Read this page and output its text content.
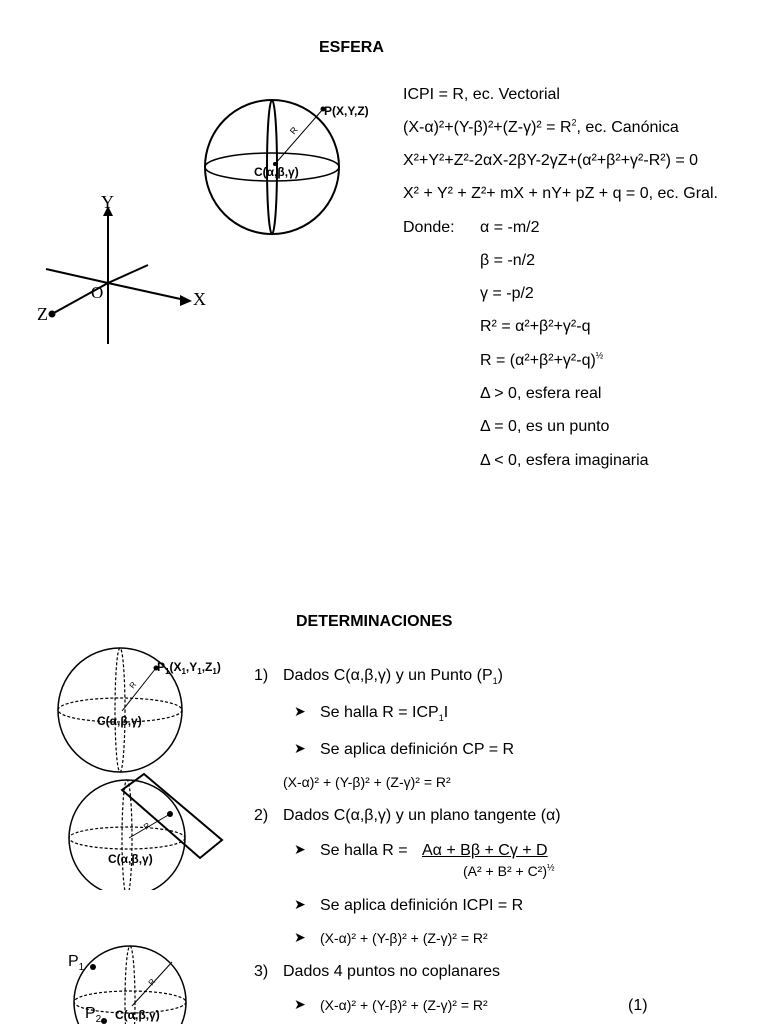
ESFERA
P(X,Y,Z)
C(α,β,γ)
R
Y
X
Z
O
ICPI = R, ec. Vectorial
$(X-\alpha)^2+(Y-\beta)^2+(Z-\gamma)^2 = R^2$, ec. Canónica
X²+Y²+Z²-2αX-2βY-2γZ+(α²+β²+γ²-R²) = 0
X² + Y² + Z²+ mX + nY+ pZ + q = 0, ec. Gral.
Donde: α = -m/2
β = -n/2
γ = -p/2
R² = α²+β²+γ²-q
$R = (\alpha^2+\beta^2+\gamma^2-q)^{\frac{1}{2}}$
Δ > 0, esfera real
Δ = 0, es un punto
Δ < 0, esfera imaginaria
DETERMINACIONES
$P_1(X_1,Y_1,Z_1)$
C(α,β,γ)
R
C(α,β,γ)
R
$P_1$
$P_2$ C(α,β,γ)
R
1) Dados C(α,β,γ) y un Punto $(P_1)$
➤ Se halla $R = ICP_1I$
➤ Se aplica definición CP = R
(X-α)² + (Y-β)² + (Z-γ)² = R²
2) Dados C(α,β,γ) y un plano tangente (α)
➤ Se halla R = Aα + Bβ + Cγ + D
$(A^2 + B^2 + C^2)^{\frac{1}{2}}$
➤ Se aplica definición ICPI = R
➤ (X-α)² + (Y-β)² + (Z-γ)² = R²
3) Dados 4 puntos no coplanares
➤ (X-α)² + (Y-β)² + (Z-γ)² = R²	(1)
